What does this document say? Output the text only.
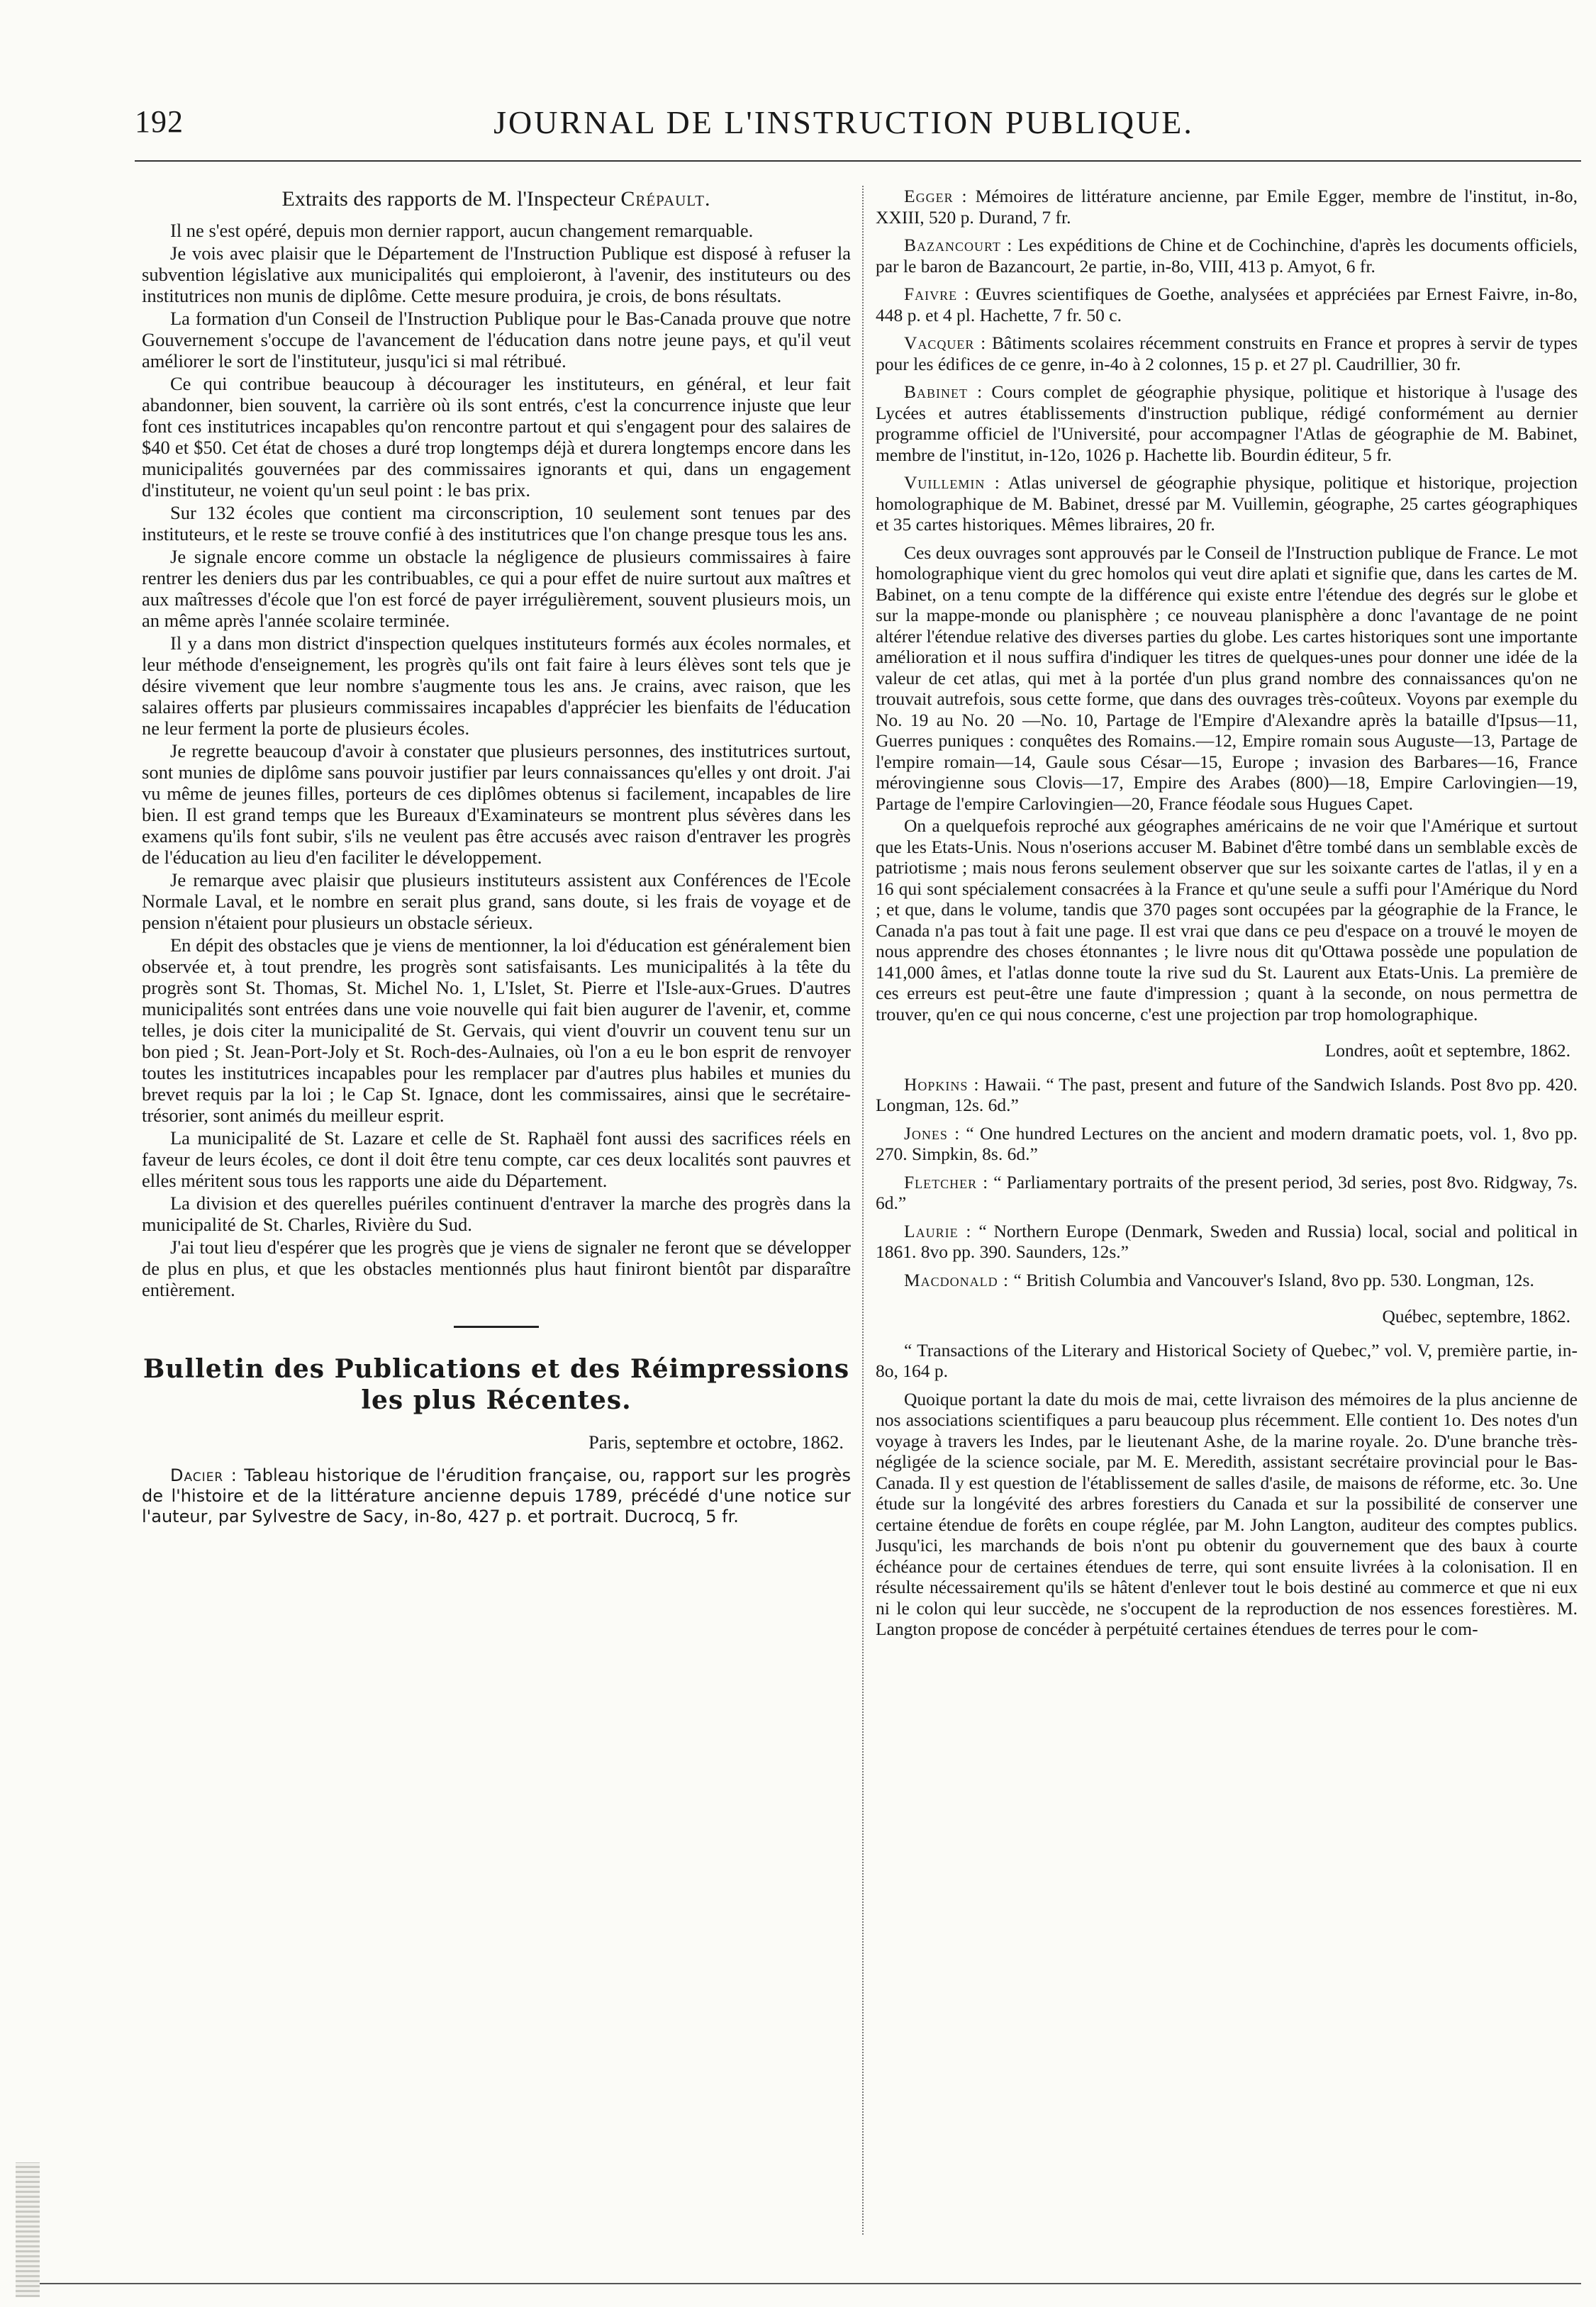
192	JOURNAL DE L'INSTRUCTION PUBLIQUE.
Extraits des rapports de M. l'Inspecteur Crépault.

Il ne s'est opéré, depuis mon dernier rapport, aucun changement remarquable.

Je vois avec plaisir que le Département de l'Instruction Publique est disposé à refuser la subvention législative aux municipalités qui emploieront, à l'avenir, des instituteurs ou des institutrices non munis de diplôme. Cette mesure produira, je crois, de bons résultats.

La formation d'un Conseil de l'Instruction Publique pour le Bas-Canada prouve que notre Gouvernement s'occupe de l'avancement de l'éducation dans notre jeune pays, et qu'il veut améliorer le sort de l'instituteur, jusqu'ici si mal rétribué.

Ce qui contribue beaucoup à décourager les instituteurs, en général, et leur fait abandonner, bien souvent, la carrière où ils sont entrés, c'est la concurrence injuste que leur font ces institutrices incapables qu'on rencontre partout et qui s'engagent pour des salaires de $40 et $50. Cet état de choses a duré trop longtemps déjà et durera longtemps encore dans les municipalités gouvernées par des commissaires ignorants et qui, dans un engagement d'instituteur, ne voient qu'un seul point : le bas prix.

Sur 132 écoles que contient ma circonscription, 10 seulement sont tenues par des instituteurs, et le reste se trouve confié à des institutrices que l'on change presque tous les ans.

Je signale encore comme un obstacle la négligence de plusieurs commissaires à faire rentrer les deniers dus par les contribuables, ce qui a pour effet de nuire surtout aux maîtres et aux maîtresses d'école que l'on est forcé de payer irrégulièrement, souvent plusieurs mois, un an même après l'année scolaire terminée.

Il y a dans mon district d'inspection quelques instituteurs formés aux écoles normales, et leur méthode d'enseignement, les progrès qu'ils ont fait faire à leurs élèves sont tels que je désire vivement que leur nombre s'augmente tous les ans. Je crains, avec raison, que les salaires offerts par plusieurs commissaires incapables d'apprécier les bienfaits de l'éducation ne leur ferment la porte de plusieurs écoles.

Je regrette beaucoup d'avoir à constater que plusieurs personnes, des institutrices surtout, sont munies de diplôme sans pouvoir justifier par leurs connaissances qu'elles y ont droit. J'ai vu même de jeunes filles, porteurs de ces diplômes obtenus si facilement, incapables de lire bien. Il est grand temps que les Bureaux d'Examinateurs se montrent plus sévères dans les examens qu'ils font subir, s'ils ne veulent pas être accusés avec raison d'entraver les progrès de l'éducation au lieu d'en faciliter le développement.

Je remarque avec plaisir que plusieurs instituteurs assistent aux Conférences de l'Ecole Normale Laval, et le nombre en serait plus grand, sans doute, si les frais de voyage et de pension n'étaient pour plusieurs un obstacle sérieux.

En dépit des obstacles que je viens de mentionner, la loi d'éducation est généralement bien observée et, à tout prendre, les progrès sont satisfaisants. Les municipalités à la tête du progrès sont St. Thomas, St. Michel No. 1, L'Islet, St. Pierre et l'Isle-aux-Grues. D'autres municipalités sont entrées dans une voie nouvelle qui fait bien augurer de l'avenir, et, comme telles, je dois citer la municipalité de St. Gervais, qui vient d'ouvrir un couvent tenu sur un bon pied ; St. Jean-Port-Joly et St. Roch-des-Aulnaies, où l'on a eu le bon esprit de renvoyer toutes les institutrices incapables pour les remplacer par d'autres plus habiles et munies du brevet requis par la loi ; le Cap St. Ignace, dont les commissaires, ainsi que le secrétaire-trésorier, sont animés du meilleur esprit.

La municipalité de St. Lazare et celle de St. Raphaël font aussi des sacrifices réels en faveur de leurs écoles, ce dont il doit être tenu compte, car ces deux localités sont pauvres et elles méritent sous tous les rapports une aide du Département.

La division et des querelles puériles continuent d'entraver la marche des progrès dans la municipalité de St. Charles, Rivière du Sud.

J'ai tout lieu d'espérer que les progrès que je viens de signaler ne feront que se développer de plus en plus, et que les obstacles mentionnés plus haut finiront bientôt par disparaître entièrement.

Bulletin des Publications et des Réimpressions
les plus Récentes.
Paris, septembre et octobre, 1862.
Dacier : Tableau historique de l'érudition française, ou, rapport sur les progrès de l'histoire et de la littérature ancienne depuis 1789, précédé d'une notice sur l'auteur, par Sylvestre de Sacy, in-8o, 427 p. et portrait. Ducrocq, 5 fr.
Egger : Mémoires de littérature ancienne, par Emile Egger, membre de l'institut, in-8o, XXIII, 520 p. Durand, 7 fr.
Bazancourt : Les expéditions de Chine et de Cochinchine, d'après les documents officiels, par le baron de Bazancourt, 2e partie, in-8o, VIII, 413 p. Amyot, 6 fr.
Faivre : Œuvres scientifiques de Goethe, analysées et appréciées par Ernest Faivre, in-8o, 448 p. et 4 pl. Hachette, 7 fr. 50 c.
Vacquer : Bâtiments scolaires récemment construits en France et propres à servir de types pour les édifices de ce genre, in-4o à 2 colonnes, 15 p. et 27 pl. Caudrillier, 30 fr.
Babinet : Cours complet de géographie physique, politique et historique à l'usage des Lycées et autres établissements d'instruction publique, rédigé conformément au dernier programme officiel de l'Université, pour accompagner l'Atlas de géographie de M. Babinet, membre de l'institut, in-12o, 1026 p. Hachette lib. Bourdin éditeur, 5 fr.
Vuillemin : Atlas universel de géographie physique, politique et historique, projection homolographique de M. Babinet, dressé par M. Vuillemin, géographe, 25 cartes géographiques et 35 cartes historiques. Mêmes libraires, 20 fr.

Ces deux ouvrages sont approuvés par le Conseil de l'Instruction publique de France. Le mot homolographique vient du grec homolos qui veut dire aplati et signifie que, dans les cartes de M. Babinet, on a tenu compte de la différence qui existe entre l'étendue des degrés sur le globe et sur la mappe-monde ou planisphère ; ce nouveau planisphère a donc l'avantage de ne point altérer l'étendue relative des diverses parties du globe. Les cartes historiques sont une importante amélioration et il nous suffira d'indiquer les titres de quelques-unes pour donner une idée de la valeur de cet atlas, qui met à la portée d'un plus grand nombre des connaissances qu'on ne trouvait autrefois, sous cette forme, que dans des ouvrages très-coûteux. Voyons par exemple du No. 19 au No. 20 —No. 10, Partage de l'Empire d'Alexandre après la bataille d'Ipsus—11, Guerres puniques : conquêtes des Romains.—12, Empire romain sous Auguste—13, Partage de l'empire romain—14, Gaule sous César—15, Europe ; invasion des Barbares—16, France mérovingienne sous Clovis—17, Empire des Arabes (800)—18, Empire Carlovingien—19, Partage de l'empire Carlovingien—20, France féodale sous Hugues Capet.

On a quelquefois reproché aux géographes américains de ne voir que l'Amérique et surtout que les Etats-Unis. Nous n'oserions accuser M. Babinet d'être tombé dans un semblable excès de patriotisme ; mais nous ferons seulement observer que sur les soixante cartes de l'atlas, il y en a 16 qui sont spécialement consacrées à la France et qu'une seule a suffi pour l'Amérique du Nord ; et que, dans le volume, tandis que 370 pages sont occupées par la géographie de la France, le Canada n'a pas tout à fait une page. Il est vrai que dans ce peu d'espace on a trouvé le moyen de nous apprendre des choses étonnantes ; le livre nous dit qu'Ottawa possède une population de 141,000 âmes, et l'atlas donne toute la rive sud du St. Laurent aux Etats-Unis. La première de ces erreurs est peut-être une faute d'impression ; quant à la seconde, on nous permettra de trouver, qu'en ce qui nous concerne, c'est une projection par trop homolographique.

Londres, août et septembre, 1862.
Hopkins : Hawaii. “ The past, present and future of the Sandwich Islands. Post 8vo pp. 420. Longman, 12s. 6d.”
Jones : “ One hundred Lectures on the ancient and modern dramatic poets, vol. 1, 8vo pp. 270. Simpkin, 8s. 6d.”
Fletcher : “ Parliamentary portraits of the present period, 3d series, post 8vo. Ridgway, 7s. 6d.”
Laurie : “ Northern Europe (Denmark, Sweden and Russia) local, social and political in 1861. 8vo pp. 390. Saunders, 12s.”
Macdonald : “ British Columbia and Vancouver's Island, 8vo pp. 530. Longman, 12s.
Québec, septembre, 1862.
“ Transactions of the Literary and Historical Society of Quebec,” vol. V, première partie, in-8o, 164 p.

Quoique portant la date du mois de mai, cette livraison des mémoires de la plus ancienne de nos associations scientifiques a paru beaucoup plus récemment. Elle contient 1o. Des notes d'un voyage à travers les Indes, par le lieutenant Ashe, de la marine royale. 2o. D'une branche très-négligée de la science sociale, par M. E. Meredith, assistant secrétaire provincial pour le Bas-Canada. Il y est question de l'établissement de salles d'asile, de maisons de réforme, etc. 3o. Une étude sur la longévité des arbres forestiers du Canada et sur la possibilité de conserver une certaine étendue de forêts en coupe réglée, par M. John Langton, auditeur des comptes publics. Jusqu'ici, les marchands de bois n'ont pu obtenir du gouvernement que des baux à courte échéance pour de certaines étendues de terre, qui sont ensuite livrées à la colonisation. Il en résulte nécessairement qu'ils se hâtent d'enlever tout le bois destiné au commerce et que ni eux ni le colon qui leur succède, ne s'occupent de la reproduction de nos essences forestières. M. Langton propose de concéder à perpétuité certaines étendues de terres pour le com-
